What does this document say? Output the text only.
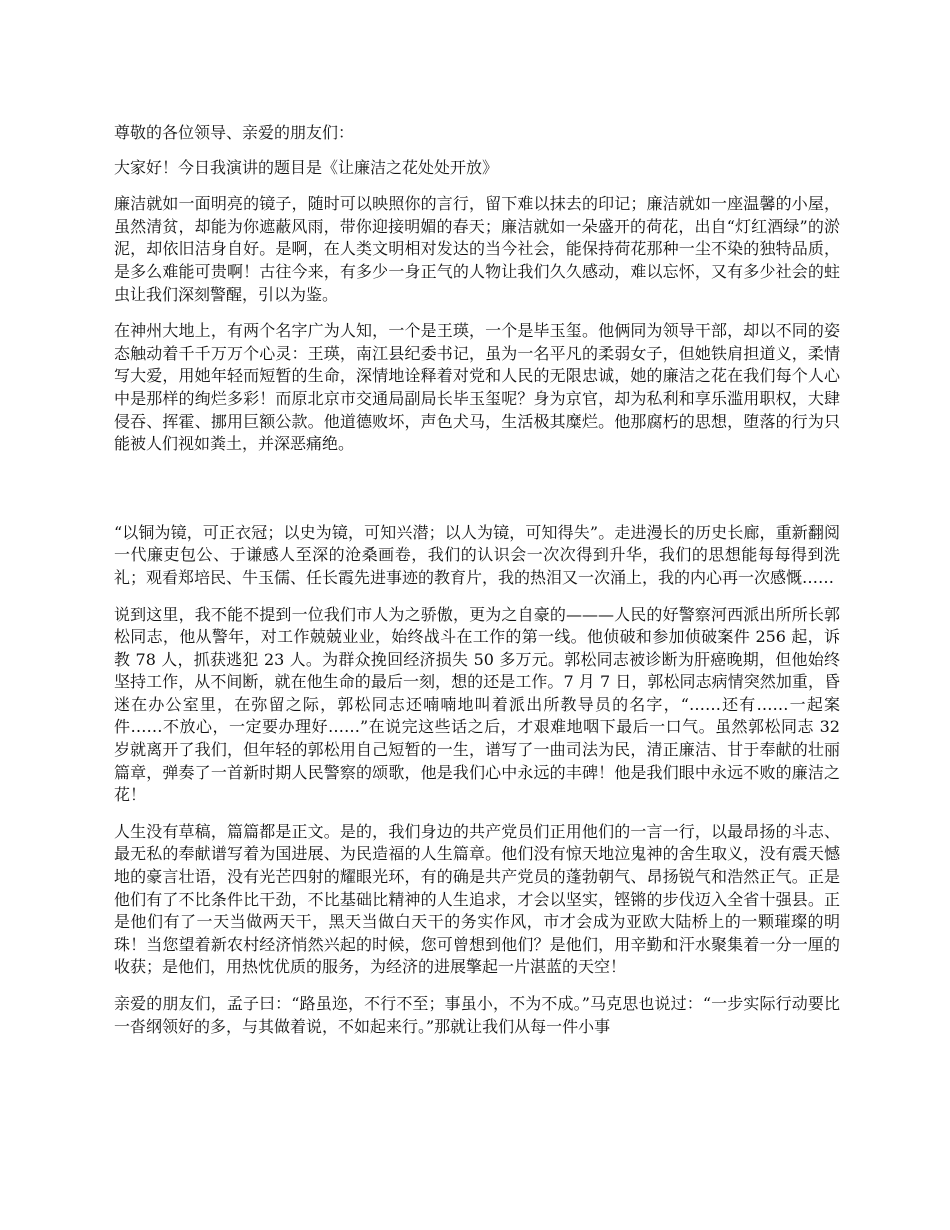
尊敬的各位领导、亲爱的朋友们：

大家好！今日我演讲的题目是《让廉洁之花处处开放》

廉洁就如一面明亮的镜子，随时可以映照你的言行，留下难以抹去的印记；廉洁就如一座温馨的小屋，虽然清贫，却能为你遮蔽风雨，带你迎接明媚的春天；廉洁就如一朵盛开的荷花，出自“灯红酒绿”的淤泥，却依旧洁身自好。是啊，在人类文明相对发达的当今社会，能保持荷花那种一尘不染的独特品质，是多么难能可贵啊！古往今来，有多少一身正气的人物让我们久久感动，难以忘怀，又有多少社会的蛀虫让我们深刻警醒，引以为鉴。

在神州大地上，有两个名字广为人知，一个是王瑛，一个是毕玉玺。他俩同为领导干部，却以不同的姿态触动着千千万万个心灵：王瑛，南江县纪委书记，虽为一名平凡的柔弱女子，但她铁肩担道义，柔情写大爱，用她年轻而短暂的生命，深情地诠释着对党和人民的无限忠诚，她的廉洁之花在我们每个人心中是那样的绚烂多彩！而原北京市交通局副局长毕玉玺呢？身为京官，却为私利和享乐滥用职权，大肆侵吞、挥霍、挪用巨额公款。他道德败坏，声色犬马，生活极其糜烂。他那腐朽的思想，堕落的行为只能被人们视如粪土，并深恶痛绝。

“以铜为镜，可正衣冠；以史为镜，可知兴潜；以人为镜，可知得失”。走进漫长的历史长廊，重新翻阅一代廉吏包公、于谦感人至深的沧桑画卷，我们的认识会一次次得到升华，我们的思想能每每得到洗礼；观看郑培民、牛玉儒、任长霞先进事迹的教育片，我的热泪又一次涌上，我的内心再一次感慨……

说到这里，我不能不提到一位我们市人为之骄傲，更为之自豪的———人民的好警察河西派出所所长郭松同志，他从警年，对工作兢兢业业，始终战斗在工作的第一线。他侦破和参加侦破案件 256 起，诉教 78 人，抓获逃犯 23 人。为群众挽回经济损失 50 多万元。郭松同志被诊断为肝癌晚期，但他始终坚持工作，从不间断，就在他生命的最后一刻，想的还是工作。7 月 7 日，郭松同志病情突然加重，昏迷在办公室里，在弥留之际，郭松同志还喃喃地叫着派出所教导员的名字，“……还有……一起案件……不放心，一定要办理好……”在说完这些话之后，才艰难地咽下最后一口气。虽然郭松同志 32 岁就离开了我们，但年轻的郭松用自己短暂的一生，谱写了一曲司法为民，清正廉洁、甘于奉献的壮丽篇章，弹奏了一首新时期人民警察的颂歌，他是我们心中永远的丰碑！他是我们眼中永远不败的廉洁之花！

人生没有草稿，篇篇都是正文。是的，我们身边的共产党员们正用他们的一言一行，以最昂扬的斗志、最无私的奉献谱写着为国进展、为民造福的人生篇章。他们没有惊天地泣鬼神的舍生取义，没有震天憾地的豪言壮语，没有光芒四射的耀眼光环，有的确是共产党员的蓬勃朝气、昂扬锐气和浩然正气。正是他们有了不比条件比干劲，不比基础比精神的人生追求，才会以坚实，铿锵的步伐迈入全省十强县。正是他们有了一天当做两天干，黑天当做白天干的务实作风，市才会成为亚欧大陆桥上的一颗璀璨的明珠！当您望着新农村经济悄然兴起的时候，您可曾想到他们？是他们，用辛勤和汗水聚集着一分一厘的收获；是他们，用热忱优质的服务，为经济的进展擎起一片湛蓝的天空！

亲爱的朋友们，孟子曰：“路虽迩，不行不至；事虽小，不为不成。”马克思也说过：“一步实际行动要比一沓纲领好的多，与其做着说，不如起来行。”那就让我们从每一件小事
